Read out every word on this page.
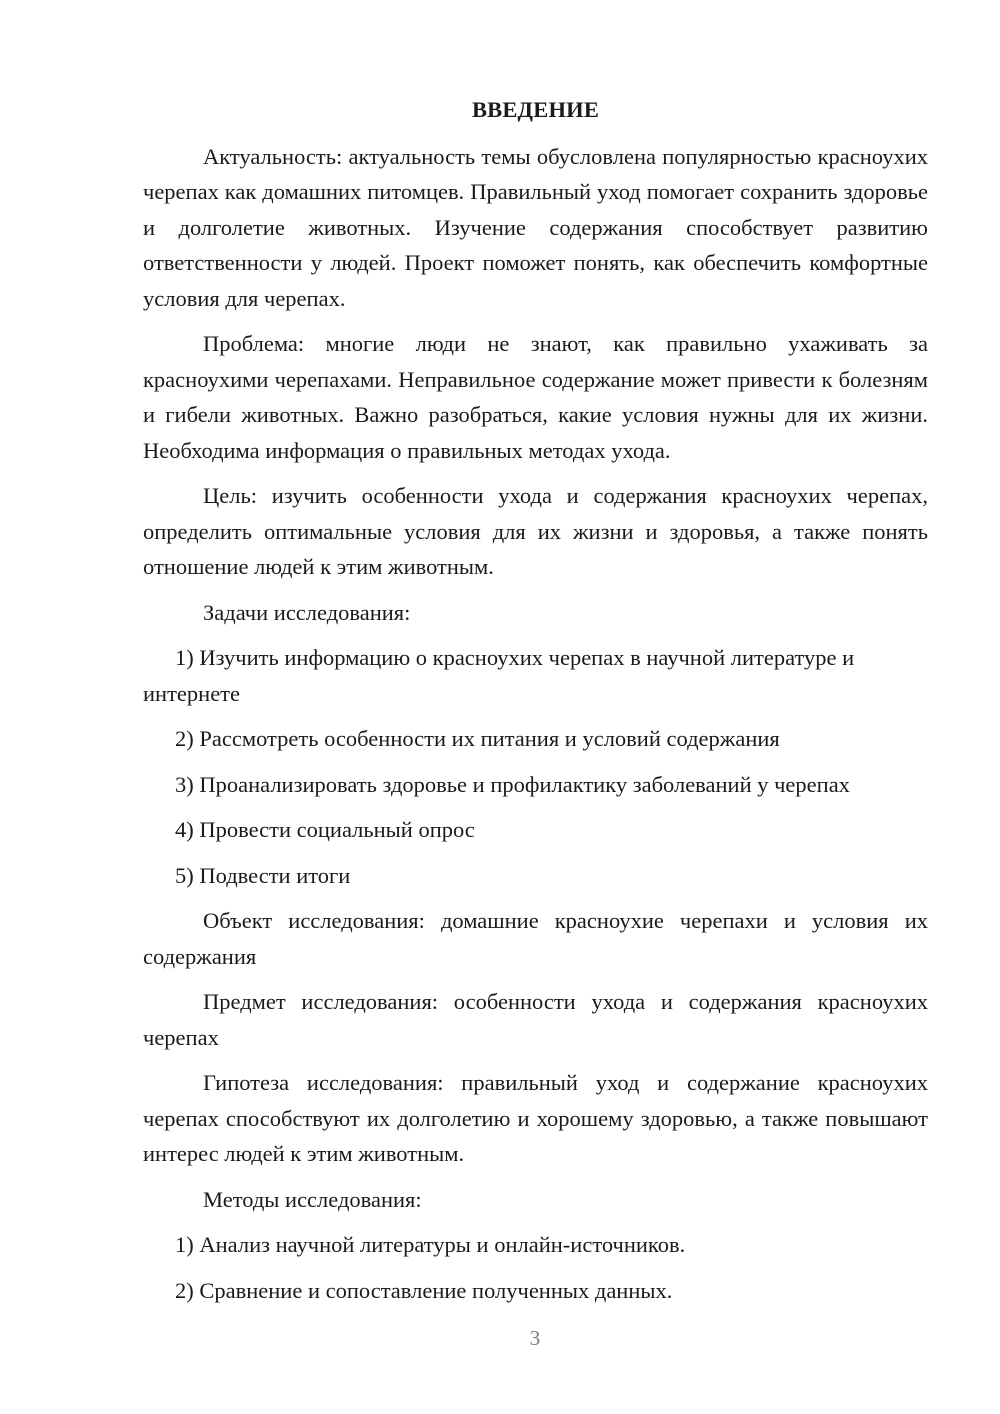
ВВЕДЕНИЕ

Актуальность: актуальность темы обусловлена популярностью красноухих черепах как домашних питомцев. Правильный уход помогает сохранить здоровье и долголетие животных. Изучение содержания способствует развитию ответственности у людей. Проект поможет понять, как обеспечить комфортные условия для черепах.

Проблема: многие люди не знают, как правильно ухаживать за красноухими черепахами. Неправильное содержание может привести к болезням и гибели животных. Важно разобраться, какие условия нужны для их жизни. Необходима информация о правильных методах ухода.

Цель: изучить особенности ухода и содержания красноухих черепах, определить оптимальные условия для их жизни и здоровья, а также понять отношение людей к этим животным.

Задачи исследования:

1) Изучить информацию о красноухих черепах в научной литературе и интернете

2) Рассмотреть особенности их питания и условий содержания

3) Проанализировать здоровье и профилактику заболеваний у черепах

4) Провести социальный опрос

5) Подвести итоги

Объект исследования: домашние красноухие черепахи и условия их содержания

Предмет исследования: особенности ухода и содержания красноухих черепах

Гипотеза исследования: правильный уход и содержание красноухих черепах способствуют их долголетию и хорошему здоровью, а также повышают интерес людей к этим животным.

Методы исследования:

1) Анализ научной литературы и онлайн-источников.

2) Сравнение и сопоставление полученных данных.

3
